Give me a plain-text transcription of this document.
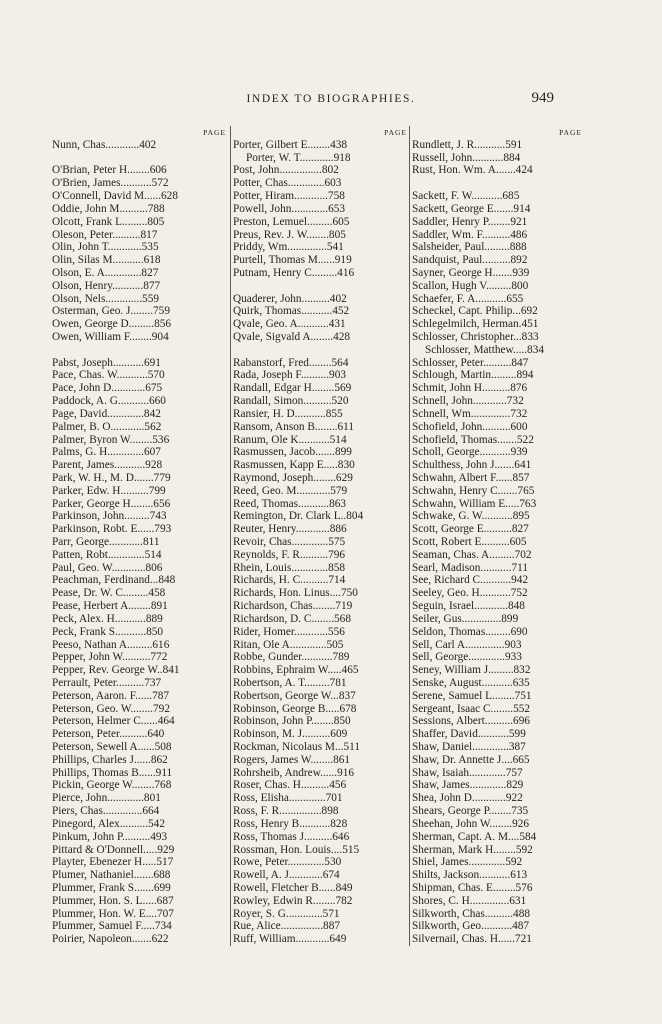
INDEX TO BIOGRAPHIES.	949
PAGE
Nunn, Chas............402
O'Brian, Peter H........606
O'Brien, James...........572
O'Connell, David M......628
Oddie, John M..........788
Olcott, Frank L.........805
Oleson, Peter..........817
Olin, John T............535
Olin, Silas M...........618
Olson, E. A.............827
Olson, Henry...........877
Olson, Nels.............559
Osterman, Geo. J........759
Owen, George D.........856
Owen, William F........904
Pabst, Joseph...........691
Pace, Chas. W...........570
Pace, John D............675
Paddock, A. G...........660
Page, David.............842
Palmer, B. O............562
Palmer, Byron W........536
Palms, G. H.............607
Parent, James...........928
Park, W. H., M. D.......779
Parker, Edw. H..........799
Parker, George H........656
Parkinson, John.........743
Parkinson, Robt. E......793
Parr, George............811
Patten, Robt.............514
Paul, Geo. W............806
Peachman, Ferdinand...848
Pease, Dr. W. C.........458
Pease, Herbert A........891
Peck, Alex. H...........889
Peck, Frank S...........850
Peeso, Nathan A.........616
Pepper, John W..........772
Pepper, Rev. George W..841
Perrault, Peter..........737
Peterson, Aaron. F......787
Peterson, Geo. W........792
Peterson, Helmer C......464
Peterson, Peter..........640
Peterson, Sewell A......508
Phillips, Charles J......862
Phillips, Thomas B......911
Pickin, George W........768
Pierce, John.............801
Piers, Chas..............664
Pinegord, Alex..........542
Pinkum, John P..........493
Pittard & O'Donnell.....929
Playter, Ebenezer H.....517
Plumer, Nathaniel.......688
Plummer, Frank S.......699
Plummer, Hon. S. L.....687
Plummer, Hon. W. E....707
Plummer, Samuel F.....734
Poirier, Napoleon.......622
PAGE
Porter, Gilbert E........438
Porter, W. T............918
Post, John...............802
Potter, Chas.............603
Potter, Hiram............758
Powell, John.............653
Preston, Lemuel.........605
Preus, Rev. J. W........805
Priddy, Wm..............541
Purtell, Thomas M......919
Putnam, Henry C.........416
Quaderer, John..........402
Quirk, Thomas...........452
Qvale, Geo. A...........431
Qvale, Sigvald A........428
Rabanstorf, Fred........564
Rada, Joseph F..........903
Randall, Edgar H........569
Randall, Simon..........520
Ransier, H. D...........855
Ransom, Anson B........611
Ranum, Ole K...........514
Rasmussen, Jacob.......899
Rasmussen, Kapp E.....830
Raymond, Joseph........629
Reed, Geo. M............579
Reed, Thomas...........863
Remington, Dr. Clark L..804
Reuter, Henry............886
Revoir, Chas.............575
Reynolds, F. R..........796
Rhein, Louis.............858
Richards, H. C..........714
Richards, Hon. Linus....750
Richardson, Chas........719
Richardson, D. C........568
Rider, Homer............556
Ritan, Ole A.............505
Robbe, Gunder...........789
Robbins, Ephraim W.....465
Robertson, A. T.........781
Robertson, George W...837
Robinson, George B.....678
Robinson, John P........850
Robinson, M. J..........609
Rockman, Nicolaus M...511
Rogers, James W........861
Rohrsheib, Andrew......916
Roser, Chas. H..........456
Ross, Elisha.............701
Ross, F. R...............898
Ross, Henry B...........828
Ross, Thomas J..........646
Rossman, Hon. Louis....515
Rowe, Peter.............530
Rowell, A. J............674
Rowell, Fletcher B......849
Rowley, Edwin R........782
Royer, S. G.............571
Rue, Alice...............887
Ruff, William............649
PAGE
Rundlett, J. R...........591
Russell, John...........884
Rust, Hon. Wm. A.......424
Sackett, F. W...........685
Sackett, George E.......914
Saddler, Henry P........921
Saddler, Wm. F..........486
Salsheider, Paul.........888
Sandquist, Paul..........892
Sayner, George H.......939
Scallon, Hugh V.........800
Schaefer, F. A...........655
Scheckel, Capt. Philip...692
Schlegelmilch, Herman.451
Schlosser, Christopher...833
Schlosser, Matthew.....834
Schlosser, Peter..........847
Schlough, Martin.........894
Schmit, John H..........876
Schnell, John............732
Schnell, Wm..............732
Schofield, John..........600
Schofield, Thomas.......522
Scholl, George...........939
Schulthess, John J.......641
Schwahn, Albert F......857
Schwahn, Henry C.......765
Schwahn, William E.....763
Schwake, G. W...........895
Scott, George E..........827
Scott, Robert E..........605
Seaman, Chas. A.........702
Searl, Madison...........711
See, Richard C...........942
Seeley, Geo. H...........752
Seguin, Israel............848
Seiler, Gus..............899
Seldon, Thomas.........690
Sell, Carl A..............903
Sell, George.............933
Seney, William J.........832
Senske, August...........635
Serene, Samuel L........751
Sergeant, Isaac C........552
Sessions, Albert..........696
Shaffer, David...........599
Shaw, Daniel.............387
Shaw, Dr. Annette J....665
Shaw, Isaiah.............757
Shaw, James.............829
Shea, John D............922
Shears, George P........735
Sheehan, John W........926
Sherman, Capt. A. M....584
Sherman, Mark H........592
Shiel, James.............592
Shilts, Jackson...........613
Shipman, Chas. E........576
Shores, C. H..............631
Silkworth, Chas..........488
Silkworth, Geo...........487
Silvernail, Chas. H......721
